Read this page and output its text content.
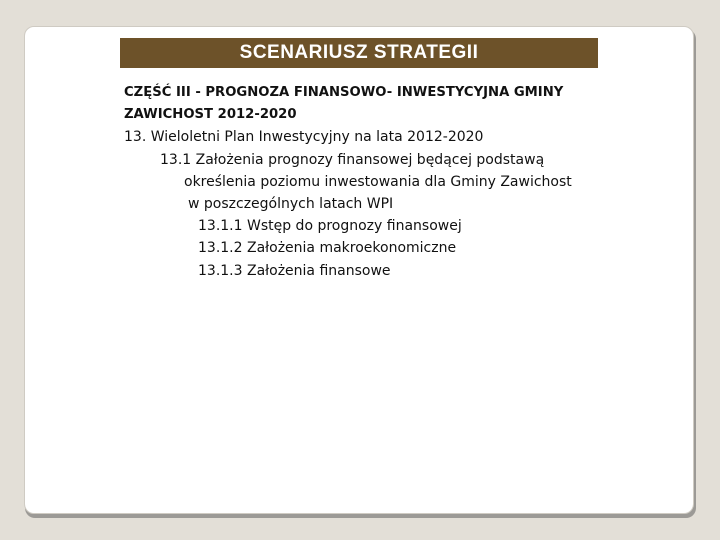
SCENARIUSZ STRATEGII
CZĘŚĆ III - PROGNOZA FINANSOWO- INWESTYCYJNA GMINY
ZAWICHOST 2012-2020
13. Wieloletni Plan Inwestycyjny na lata 2012-2020
13.1 Założenia prognozy finansowej będącej podstawą
określenia poziomu inwestowania dla Gminy Zawichost
w poszczególnych latach WPI
13.1.1 Wstęp do prognozy finansowej
13.1.2 Założenia makroekonomiczne
13.1.3 Założenia finansowe
